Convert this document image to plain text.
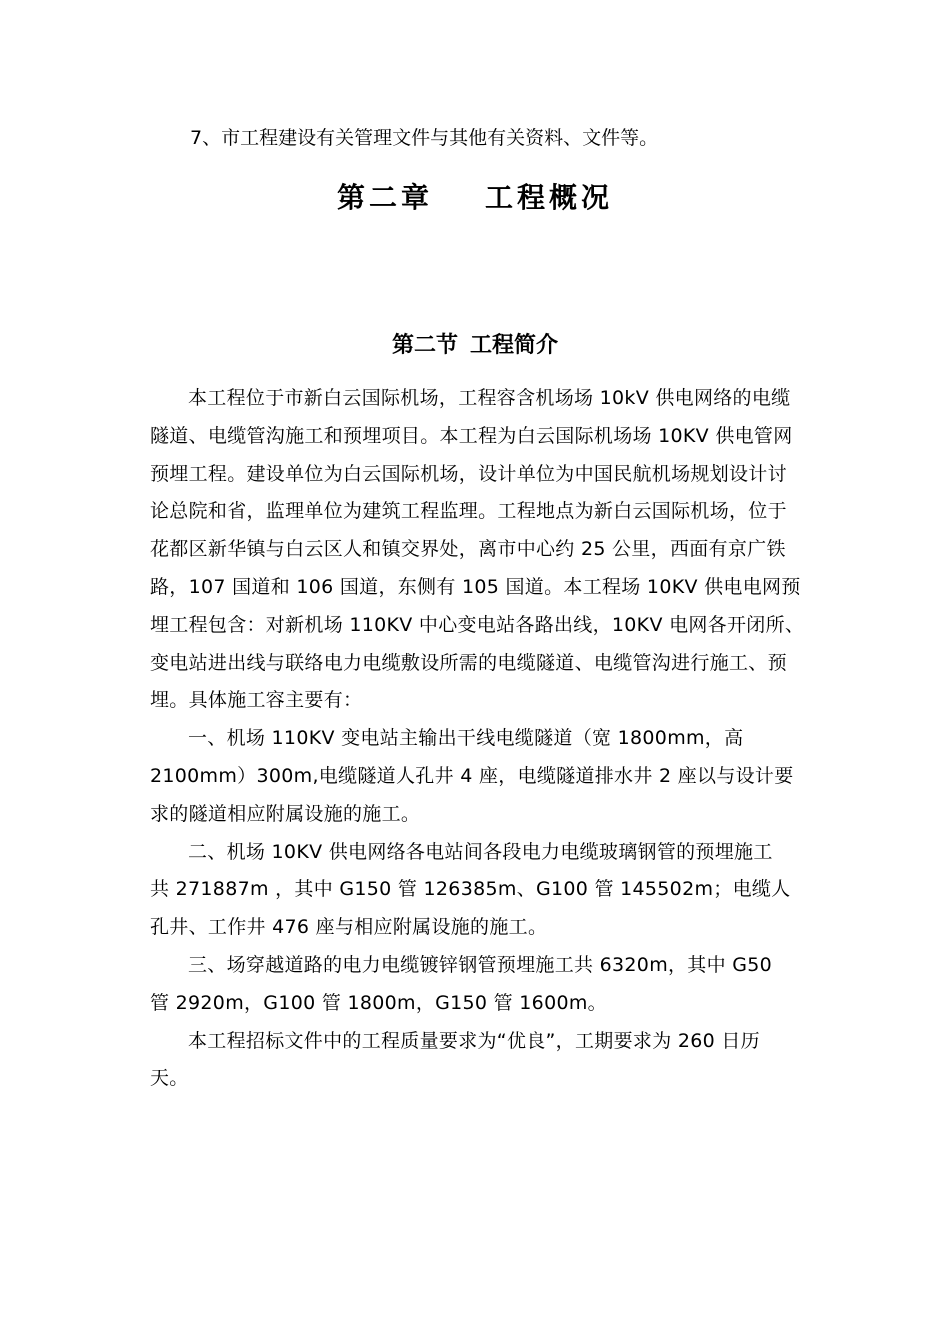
7、市工程建设有关管理文件与其他有关资料、文件等。
第二章 工程概况
第二节 工程简介
本工程位于市新白云国际机场，工程容含机场场 10kV 供电网络的电缆
隧道、电缆管沟施工和预埋项目。本工程为白云国际机场场 10KV 供电管网
预埋工程。建设单位为白云国际机场，设计单位为中国民航机场规划设计讨
论总院和省，监理单位为建筑工程监理。工程地点为新白云国际机场，位于
花都区新华镇与白云区人和镇交界处，离市中心约 25 公里，西面有京广铁
路，107 国道和 106 国道，东侧有 105 国道。本工程场 10KV 供电电网预
埋工程包含：对新机场 110KV 中心变电站各路出线，10KV 电网各开闭所、
变电站进出线与联络电力电缆敷设所需的电缆隧道、电缆管沟进行施工、预
埋。具体施工容主要有：
一、机场 110KV 变电站主输出干线电缆隧道（宽 1800mm，高
2100mm）300m,电缆隧道人孔井 4 座，电缆隧道排水井 2 座以与设计要
求的隧道相应附属设施的施工。
二、机场 10KV 供电网络各电站间各段电力电缆玻璃钢管的预埋施工
共 271887m ，其中 G150 管 126385m、G100 管 145502m；电缆人
孔井、工作井 476 座与相应附属设施的施工。
三、场穿越道路的电力电缆镀锌钢管预埋施工共 6320m，其中 G50
管 2920m，G100 管 1800m，G150 管 1600m。
本工程招标文件中的工程质量要求为“优良”，工期要求为 260 日历
天。
